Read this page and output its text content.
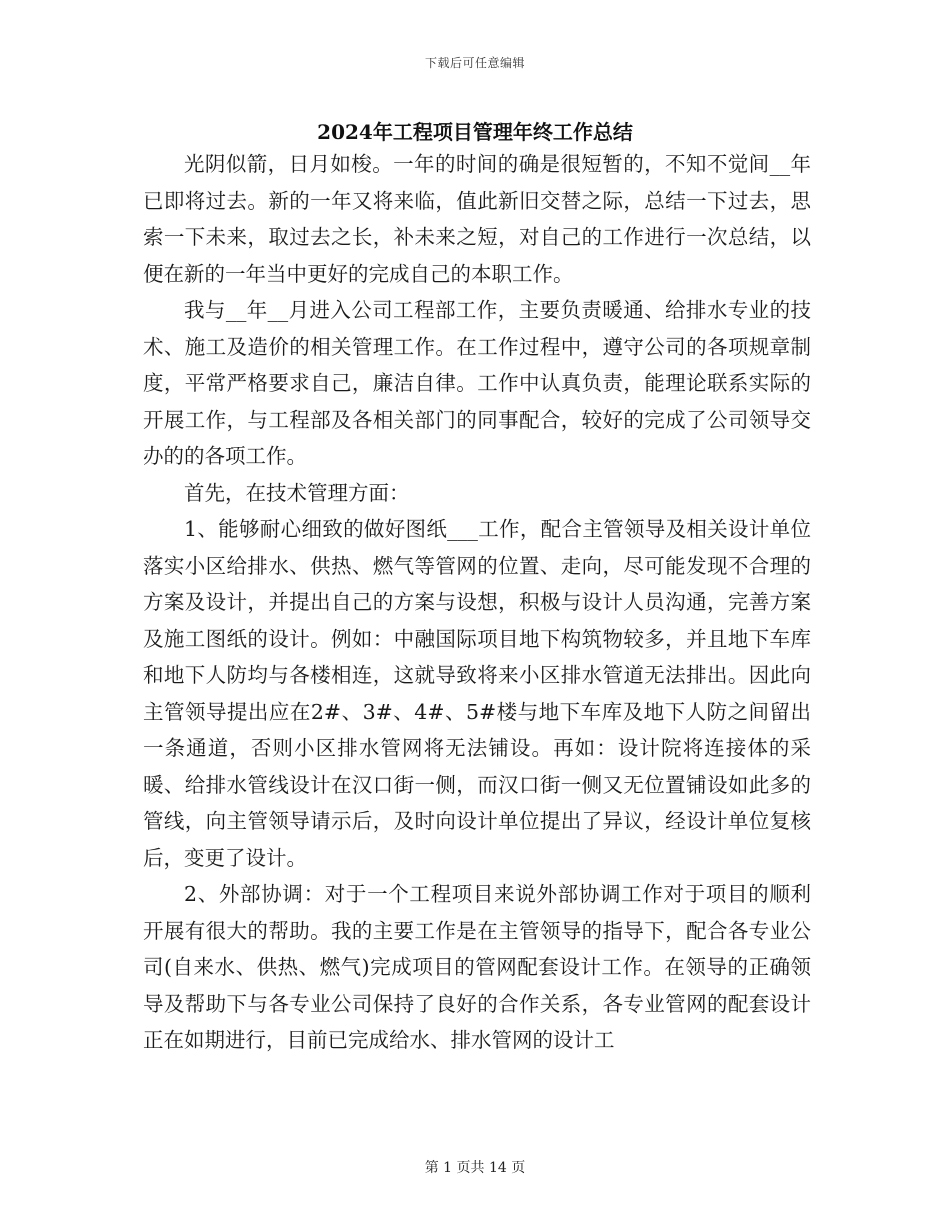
下载后可任意编辑
2024年工程项目管理年终工作总结

光阴似箭，日月如梭。一年的时间的确是很短暂的，不知不觉间__年已即将过去。新的一年又将来临，值此新旧交替之际，总结一下过去，思索一下未来，取过去之长，补未来之短，对自己的工作进行一次总结，以便在新的一年当中更好的完成自己的本职工作。

我与__年__月进入公司工程部工作，主要负责暖通、给排水专业的技术、施工及造价的相关管理工作。在工作过程中，遵守公司的各项规章制度，平常严格要求自己，廉洁自律。工作中认真负责，能理论联系实际的开展工作，与工程部及各相关部门的同事配合，较好的完成了公司领导交办的的各项工作。

首先，在技术管理方面：

1、能够耐心细致的做好图纸___工作，配合主管领导及相关设计单位落实小区给排水、供热、燃气等管网的位置、走向，尽可能发现不合理的方案及设计，并提出自己的方案与设想，积极与设计人员沟通，完善方案及施工图纸的设计。例如：中融国际项目地下构筑物较多，并且地下车库和地下人防均与各楼相连，这就导致将来小区排水管道无法排出。因此向主管领导提出应在2#、3#、4#、5#楼与地下车库及地下人防之间留出一条通道，否则小区排水管网将无法铺设。再如：设计院将连接体的采暖、给排水管线设计在汉口街一侧，而汉口街一侧又无位置铺设如此多的管线，向主管领导请示后，及时向设计单位提出了异议，经设计单位复核后，变更了设计。

2、外部协调：对于一个工程项目来说外部协调工作对于项目的顺利开展有很大的帮助。我的主要工作是在主管领导的指导下，配合各专业公司(自来水、供热、燃气)完成项目的管网配套设计工作。在领导的正确领导及帮助下与各专业公司保持了良好的合作关系，各专业管网的配套设计正在如期进行，目前已完成给水、排水管网的设计工

第 1 页共 14 页
